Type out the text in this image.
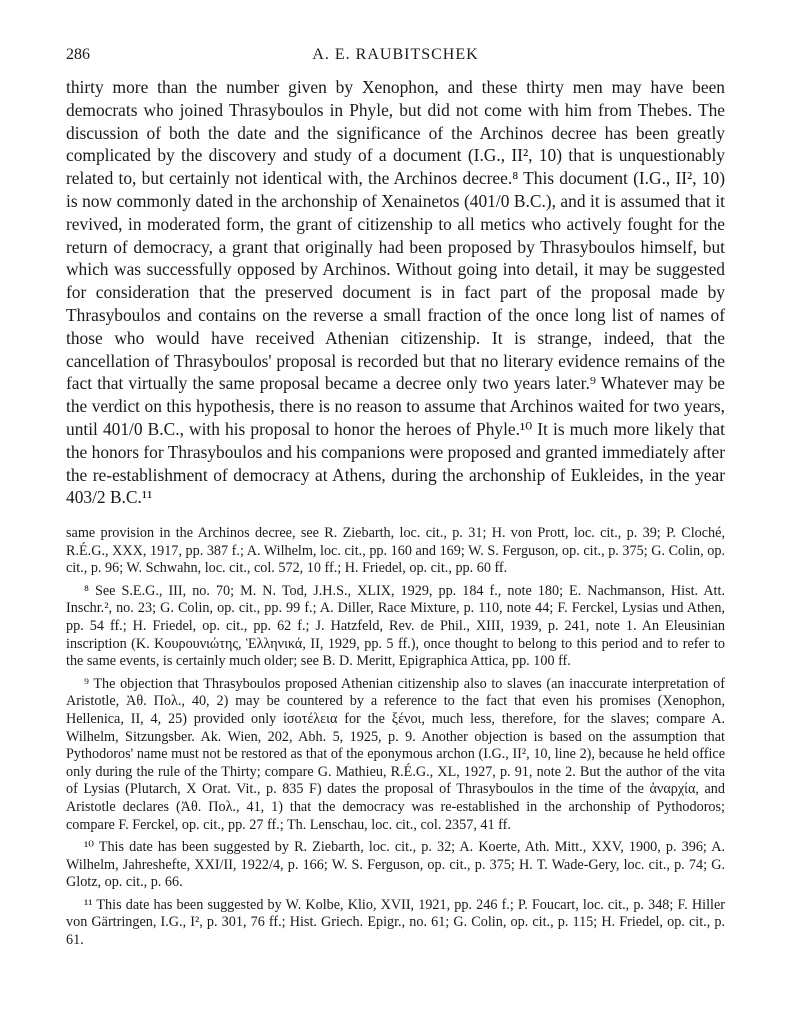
286	A. E. RAUBITSCHEK

thirty more than the number given by Xenophon, and these thirty men may have been democrats who joined Thrasyboulos in Phyle, but did not come with him from Thebes. The discussion of both the date and the significance of the Archinos decree has been greatly complicated by the discovery and study of a document (I.G., II², 10) that is unquestionably related to, but certainly not identical with, the Archinos decree.⁸ This document (I.G., II², 10) is now commonly dated in the archonship of Xenainetos (401/0 B.C.), and it is assumed that it revived, in moderated form, the grant of citizenship to all metics who actively fought for the return of democracy, a grant that originally had been proposed by Thrasyboulos himself, but which was successfully opposed by Archinos. Without going into detail, it may be suggested for consideration that the preserved document is in fact part of the proposal made by Thrasyboulos and contains on the reverse a small fraction of the once long list of names of those who would have received Athenian citizenship. It is strange, indeed, that the cancellation of Thrasyboulos' proposal is recorded but that no literary evidence remains of the fact that virtually the same proposal became a decree only two years later.⁹ Whatever may be the verdict on this hypothesis, there is no reason to assume that Archinos waited for two years, until 401/0 B.C., with his proposal to honor the heroes of Phyle.¹⁰ It is much more likely that the honors for Thrasyboulos and his companions were proposed and granted immediately after the re-establishment of democracy at Athens, during the archonship of Eukleides, in the year 403/2 B.C.¹¹

same provision in the Archinos decree, see R. Ziebarth, loc. cit., p. 31; H. von Prott, loc. cit., p. 39; P. Cloché, R.É.G., XXX, 1917, pp. 387 f.; A. Wilhelm, loc. cit., pp. 160 and 169; W. S. Ferguson, op. cit., p. 375; G. Colin, op. cit., p. 96; W. Schwahn, loc. cit., col. 572, 10 ff.; H. Friedel, op. cit., pp. 60 ff.

⁸ See S.E.G., III, no. 70; M. N. Tod, J.H.S., XLIX, 1929, pp. 184 f., note 180; E. Nachmanson, Hist. Att. Inschr.², no. 23; G. Colin, op. cit., pp. 99 f.; A. Diller, Race Mixture, p. 110, note 44; F. Ferckel, Lysias und Athen, pp. 54 ff.; H. Friedel, op. cit., pp. 62 f.; J. Hatzfeld, Rev. de Phil., XIII, 1939, p. 241, note 1. An Eleusinian inscription (Κ. Κουρουνιώτης, Ἑλληνικά, II, 1929, pp. 5 ff.), once thought to belong to this period and to refer to the same events, is certainly much older; see B. D. Meritt, Epigraphica Attica, pp. 100 ff.

⁹ The objection that Thrasyboulos proposed Athenian citizenship also to slaves (an inaccurate interpretation of Aristotle, Ἀθ. Πολ., 40, 2) may be countered by a reference to the fact that even his promises (Xenophon, Hellenica, II, 4, 25) provided only ἰσοτέλεια for the ξένοι, much less, therefore, for the slaves; compare A. Wilhelm, Sitzungsber. Ak. Wien, 202, Abh. 5, 1925, p. 9. Another objection is based on the assumption that Pythodoros' name must not be restored as that of the eponymous archon (I.G., II², 10, line 2), because he held office only during the rule of the Thirty; compare G. Mathieu, R.É.G., XL, 1927, p. 91, note 2. But the author of the vita of Lysias (Plutarch, X Orat. Vit., p. 835 F) dates the proposal of Thrasyboulos in the time of the ἀναρχία, and Aristotle declares (Ἀθ. Πολ., 41, 1) that the democracy was re-established in the archonship of Pythodoros; compare F. Ferckel, op. cit., pp. 27 ff.; Th. Lenschau, loc. cit., col. 2357, 41 ff.

¹⁰ This date has been suggested by R. Ziebarth, loc. cit., p. 32; A. Koerte, Ath. Mitt., XXV, 1900, p. 396; A. Wilhelm, Jahreshefte, XXI/II, 1922/4, p. 166; W. S. Ferguson, op. cit., p. 375; H. T. Wade-Gery, loc. cit., p. 74; G. Glotz, op. cit., p. 66.

¹¹ This date has been suggested by W. Kolbe, Klio, XVII, 1921, pp. 246 f.; P. Foucart, loc. cit., p. 348; F. Hiller von Gärtringen, I.G., I², p. 301, 76 ff.; Hist. Griech. Epigr., no. 61; G. Colin, op. cit., p. 115; H. Friedel, op. cit., p. 61.
